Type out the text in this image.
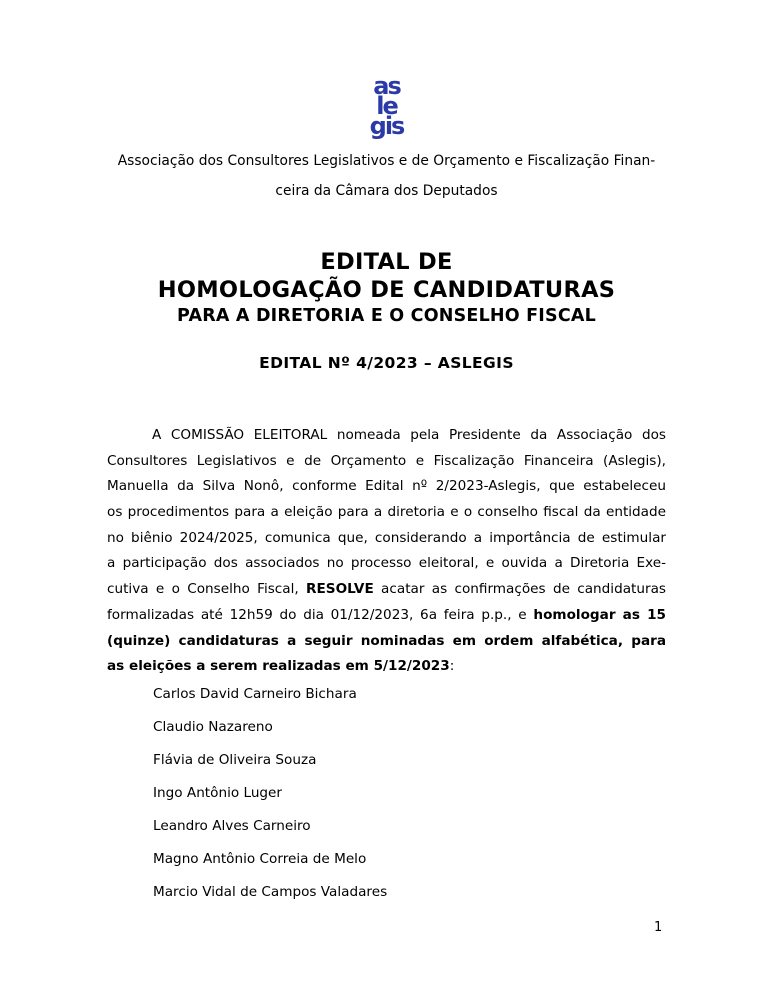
as
le
gis
Associação dos Consultores Legislativos e de Orçamento e Fiscalização Finan-
ceira da Câmara dos Deputados
EDITAL DE
HOMOLOGAÇÃO DE CANDIDATURAS
PARA A DIRETORIA E O CONSELHO FISCAL
EDITAL Nº 4/2023 – ASLEGIS
A COMISSÃO ELEITORAL nomeada pela Presidente da Associação dos
Consultores Legislativos e de Orçamento e Fiscalização Financeira (Aslegis),
Manuella da Silva Nonô, conforme Edital nº 2/2023-Aslegis, que estabeleceu
os procedimentos para a eleição para a diretoria e o conselho fiscal da entidade
no biênio 2024/2025, comunica que, considerando a importância de estimular
a participação dos associados no processo eleitoral, e ouvida a Diretoria Exe-
cutiva e o Conselho Fiscal, RESOLVE acatar as confirmações de candidaturas
formalizadas até 12h59 do dia 01/12/2023, 6a feira p.p., e homologar as 15
(quinze) candidaturas a seguir nominadas em ordem alfabética, para
as eleições a serem realizadas em 5/12/2023:
Carlos David Carneiro Bichara
Claudio Nazareno
Flávia de Oliveira Souza
Ingo Antônio Luger
Leandro Alves Carneiro
Magno Antônio Correia de Melo
Marcio Vidal de Campos Valadares
1
